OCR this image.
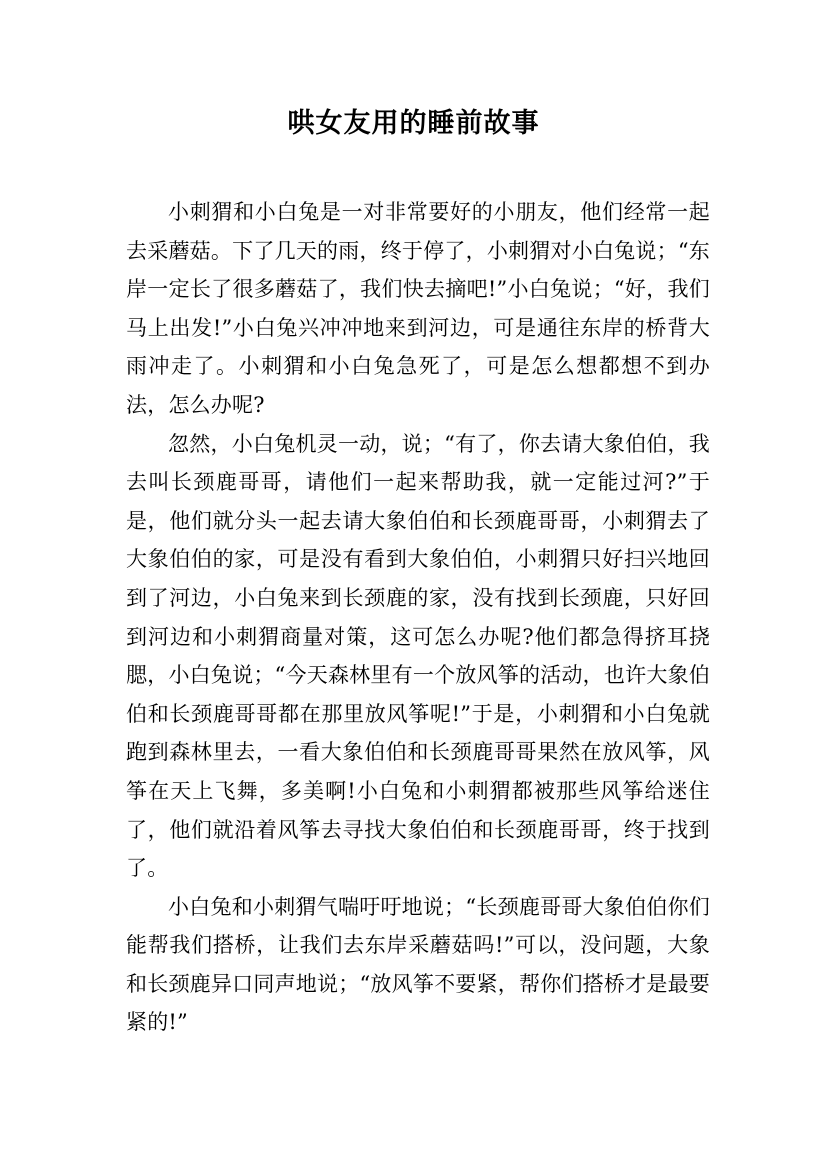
哄女友用的睡前故事

小刺猬和小白兔是一对非常要好的小朋友，他们经常一起去采蘑菇。下了几天的雨，终于停了，小刺猬对小白兔说；“东岸一定长了很多蘑菇了，我们快去摘吧!”小白兔说；“好，我们马上出发!”小白兔兴冲冲地来到河边，可是通往东岸的桥背大雨冲走了。小刺猬和小白兔急死了，可是怎么想都想不到办法，怎么办呢?

忽然，小白兔机灵一动，说；“有了，你去请大象伯伯，我去叫长颈鹿哥哥，请他们一起来帮助我，就一定能过河?”于是，他们就分头一起去请大象伯伯和长颈鹿哥哥，小刺猬去了大象伯伯的家，可是没有看到大象伯伯，小刺猬只好扫兴地回到了河边，小白兔来到长颈鹿的家，没有找到长颈鹿，只好回到河边和小刺猬商量对策，这可怎么办呢?他们都急得挤耳挠腮，小白兔说；“今天森林里有一个放风筝的活动，也许大象伯伯和长颈鹿哥哥都在那里放风筝呢!”于是，小刺猬和小白兔就跑到森林里去，一看大象伯伯和长颈鹿哥哥果然在放风筝，风筝在天上飞舞，多美啊!小白兔和小刺猬都被那些风筝给迷住了，他们就沿着风筝去寻找大象伯伯和长颈鹿哥哥，终于找到了。

小白兔和小刺猬气喘吁吁地说；“长颈鹿哥哥大象伯伯你们能帮我们搭桥，让我们去东岸采蘑菇吗!”可以，没问题，大象和长颈鹿异口同声地说；“放风筝不要紧，帮你们搭桥才是最要紧的!”
